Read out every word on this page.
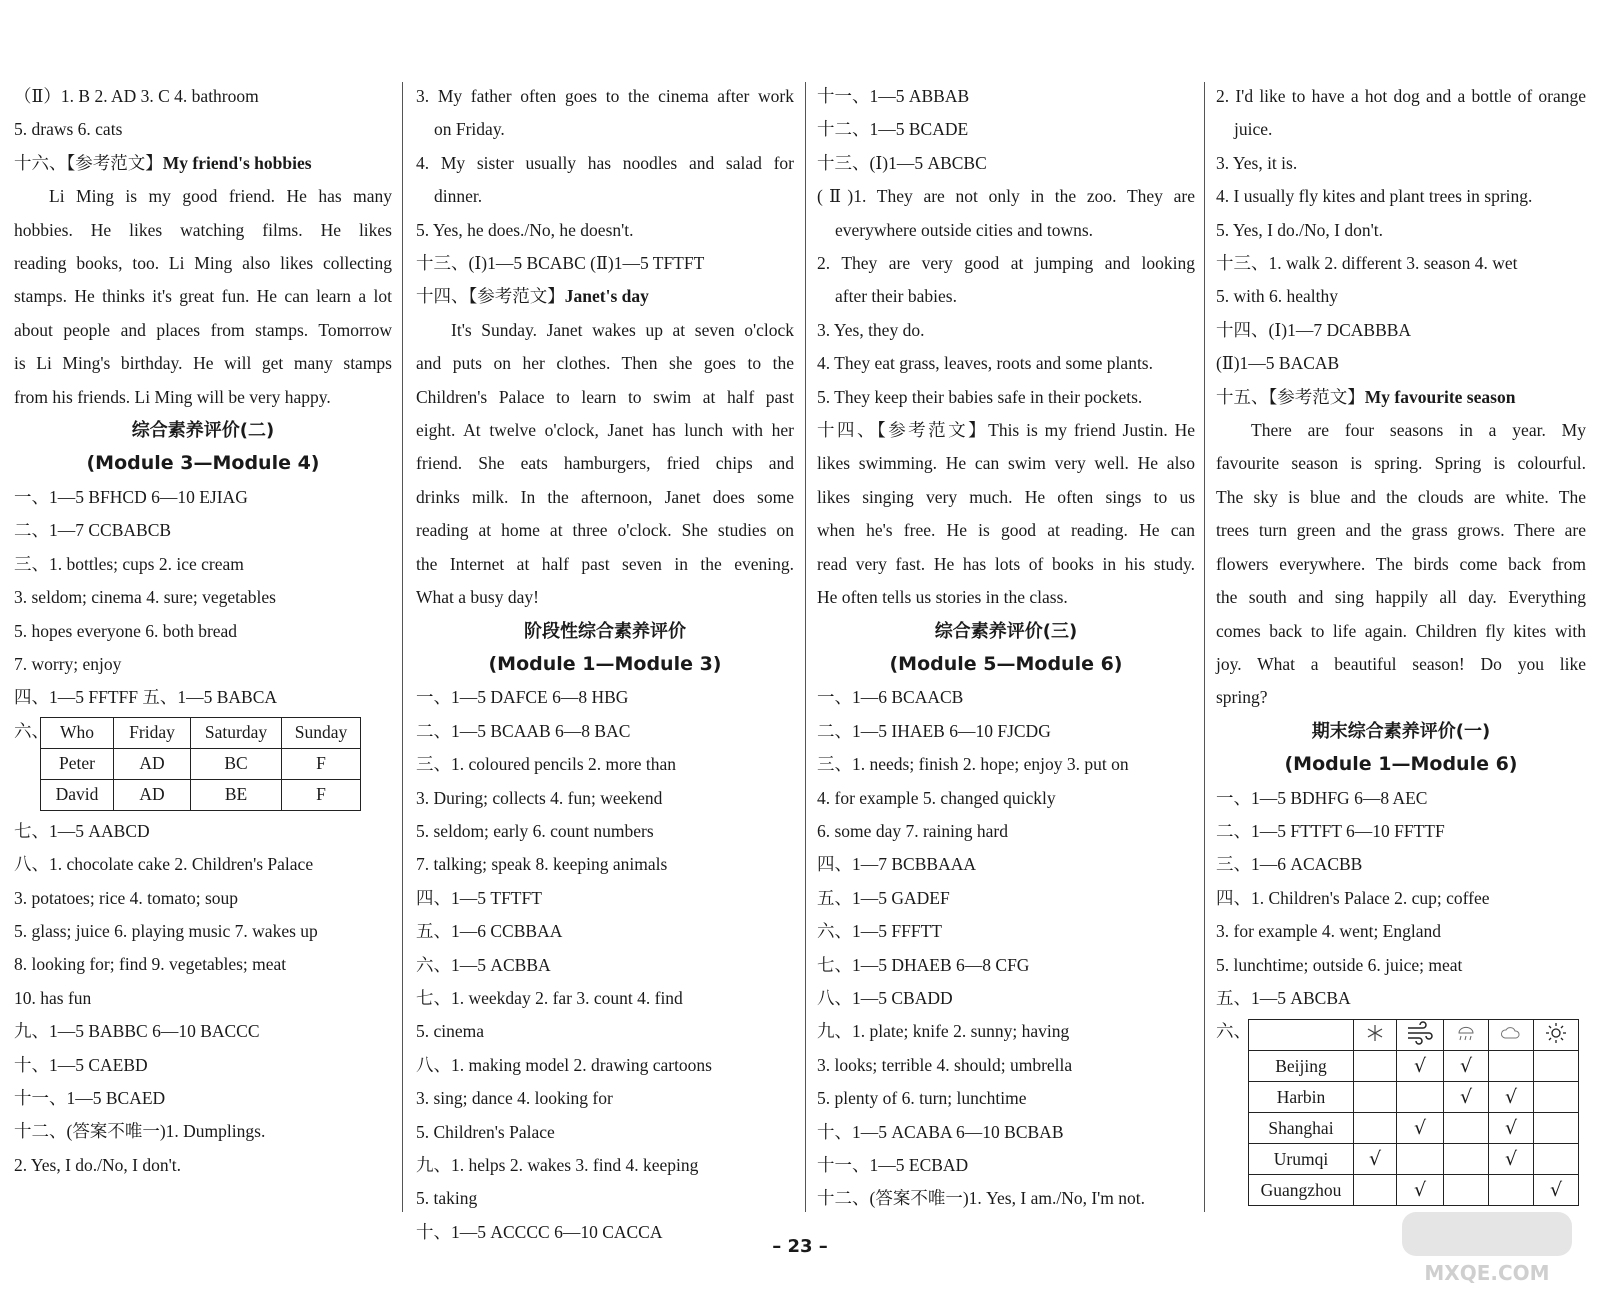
（Ⅱ）1. B 2. AD 3. C 4. bathroom
5. draws 6. cats
十六、【参考范文】My friend's hobbies
Li Ming is my good friend. He has many
hobbies. He likes watching films. He likes
reading books, too. Li Ming also likes collecting
stamps. He thinks it's great fun. He can learn a lot
about people and places from stamps. Tomorrow
is Li Ming's birthday. He will get many stamps
from his friends. Li Ming will be very happy.
综合素养评价(二)
(Module 3—Module 4)
一、1—5 BFHCD 6—10 EJIAG
二、1—7 CCBABCB
三、1. bottles; cups 2. ice cream
3. seldom; cinema 4. sure; vegetables
5. hopes everyone 6. both bread
7. worry; enjoy
四、1—5 FFTFF 五、1—5 BABCA
六、 Who	Friday	Saturday	Sunday
Peter	AD	BC	F
David	AD	BE	F
七、1—5 AABCD
八、1. chocolate cake 2. Children's Palace
3. potatoes; rice 4. tomato; soup
5. glass; juice 6. playing music 7. wakes up
8. looking for; find 9. vegetables; meat
10. has fun
九、1—5 BABBC 6—10 BACCC
十、1—5 CAEBD
十一、1—5 BCAED
十二、(答案不唯一)1. Dumplings.
2. Yes, I do./No, I don't.
3. My father often goes to the cinema after work
on Friday.
4. My sister usually has noodles and salad for
dinner.
5. Yes, he does./No, he doesn't.
十三、(Ⅰ)1—5 BCABC (Ⅱ)1—5 TFTFT
十四、【参考范文】Janet's day
It's Sunday. Janet wakes up at seven o'clock
and puts on her clothes. Then she goes to the
Children's Palace to learn to swim at half past
eight. At twelve o'clock, Janet has lunch with her
friend. She eats hamburgers, fried chips and
drinks milk. In the afternoon, Janet does some
reading at home at three o'clock. She studies on
the Internet at half past seven in the evening.
What a busy day!
阶段性综合素养评价
(Module 1—Module 3)
一、1—5 DAFCE 6—8 HBG
二、1—5 BCAAB 6—8 BAC
三、1. coloured pencils 2. more than
3. During; collects 4. fun; weekend
5. seldom; early 6. count numbers
7. talking; speak 8. keeping animals
四、1—5 TFTFT
五、1—6 CCBBAA
六、1—5 ACBBA
七、1. weekday 2. far 3. count 4. find
5. cinema
八、1. making model 2. drawing cartoons
3. sing; dance 4. looking for
5. Children's Palace
九、1. helps 2. wakes 3. find 4. keeping
5. taking
十、1—5 ACCCC 6—10 CACCA
十一、1—5 ABBAB
十二、1—5 BCADE
十三、(Ⅰ)1—5 ABCBC
(Ⅱ)1. They are not only in the zoo. They are
everywhere outside cities and towns.
2. They are very good at jumping and looking
after their babies.
3. Yes, they do.
4. They eat grass, leaves, roots and some plants.
5. They keep their babies safe in their pockets.
十四、【参考范文】This is my friend Justin. He
likes swimming. He can swim very well. He also
likes singing very much. He often sings to us
when he's free. He is good at reading. He can
read very fast. He has lots of books in his study.
He often tells us stories in the class.
综合素养评价(三)
(Module 5—Module 6)
一、1—6 BCAACB
二、1—5 IHAEB 6—10 FJCDG
三、1. needs; finish 2. hope; enjoy 3. put on
4. for example 5. changed quickly
6. some day 7. raining hard
四、1—7 BCBBAAA
五、1—5 GADEF
六、1—5 FFFTT
七、1—5 DHAEB 6—8 CFG
八、1—5 CBADD
九、1. plate; knife 2. sunny; having
3. looks; terrible 4. should; umbrella
5. plenty of 6. turn; lunchtime
十、1—5 ACABA 6—10 BCBAB
十一、1—5 ECBAD
十二、(答案不唯一)1. Yes, I am./No, I'm not.
2. I'd like to have a hot dog and a bottle of orange
juice.
3. Yes, it is.
4. I usually fly kites and plant trees in spring.
5. Yes, I do./No, I don't.
十三、1. walk 2. different 3. season 4. wet
5. with 6. healthy
十四、(Ⅰ)1—7 DCABBBA
(Ⅱ)1—5 BACAB
十五、【参考范文】My favourite season
There are four seasons in a year. My
favourite season is spring. Spring is colourful.
The sky is blue and the clouds are white. The
trees turn green and the grass grows. There are
flowers everywhere. The birds come back from
the south and sing happily all day. Everything
comes back to life again. Children fly kites with
joy. What a beautiful season! Do you like
spring?
期末综合素养评价(一)
(Module 1—Module 6)
一、1—5 BDHFG 6—8 AEC
二、1—5 FTTFT 6—10 FFTTF
三、1—6 ACACBB
四、1. Children's Palace 2. cup; coffee
3. for example 4. went; England
5. lunchtime; outside 6. juice; meat
五、1—5 ABCBA
六、

Beijing		√	√		
Harbin			√	√	
Shanghai		√		√	
Urumqi	√			√	
Guangzhou		√			√
– 23 –
MXQE.COM
